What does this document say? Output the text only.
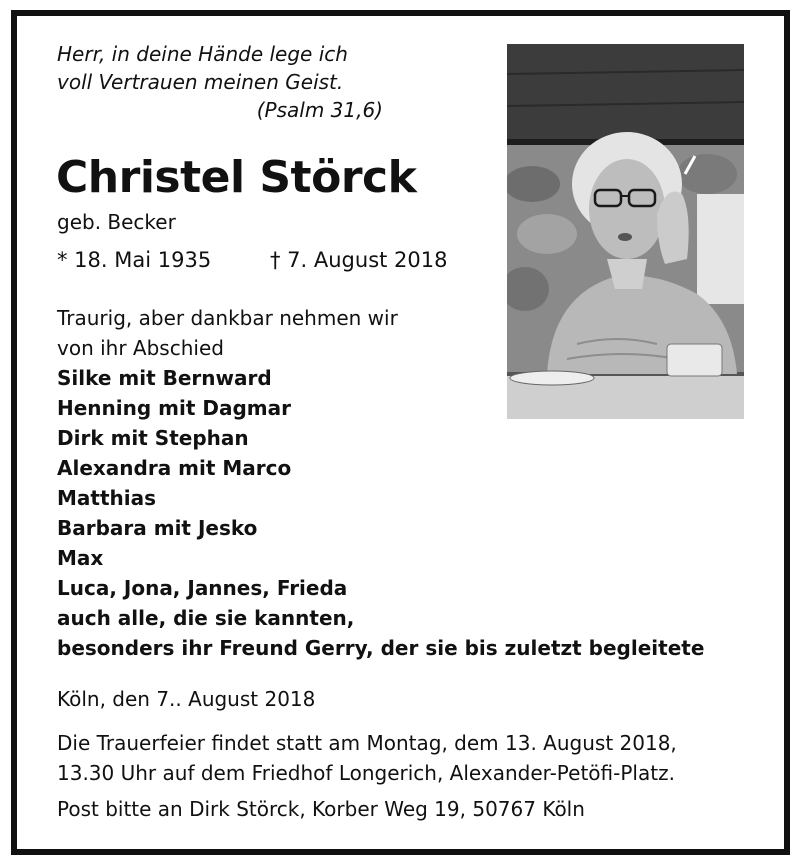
Herr, in deine Hände lege ich
voll Vertrauen meinen Geist.
(Psalm 31,6)
Christel Störck
geb. Becker
* 18. Mai 1935	† 7. August 2018
Traurig, aber dankbar nehmen wir
von ihr Abschied
Silke mit Bernward
Henning mit Dagmar
Dirk mit Stephan
Alexandra mit Marco
Matthias
Barbara mit Jesko
Max
Luca, Jona, Jannes, Frieda
auch alle, die sie kannten,
besonders ihr Freund Gerry, der sie bis zuletzt begleitete
Köln, den 7.. August 2018
Die Trauerfeier findet statt am Montag, dem 13. August 2018,
13.30 Uhr auf dem Friedhof Longerich, Alexander-Petöfi-Platz.
Post bitte an Dirk Störck, Korber Weg 19, 50767 Köln
